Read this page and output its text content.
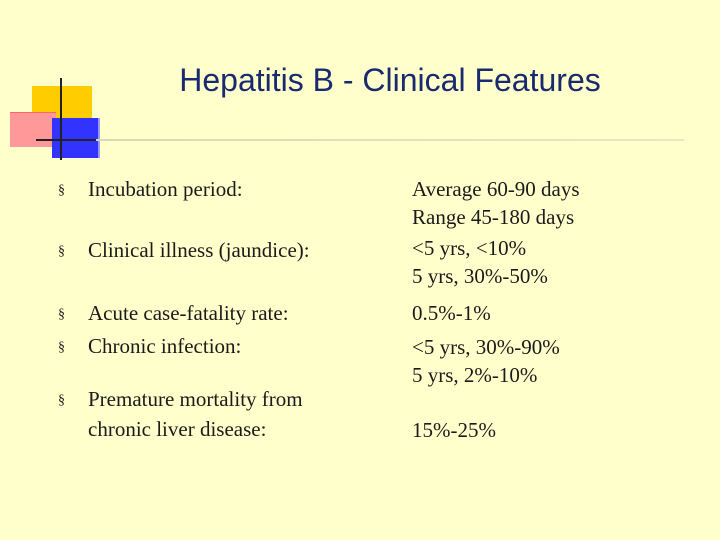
Hepatitis B - Clinical Features
§ Incubation period:	Average 60-90 days
Range 45-180 days
§ Clinical illness (jaundice):	<5 yrs, <10%
5 yrs, 30%-50%
§ Acute case-fatality rate:	0.5%-1%
§ Chronic infection:	<5 yrs, 30%-90%
5 yrs, 2%-10%
§ Premature mortality from
chronic liver disease:	15%-25%
